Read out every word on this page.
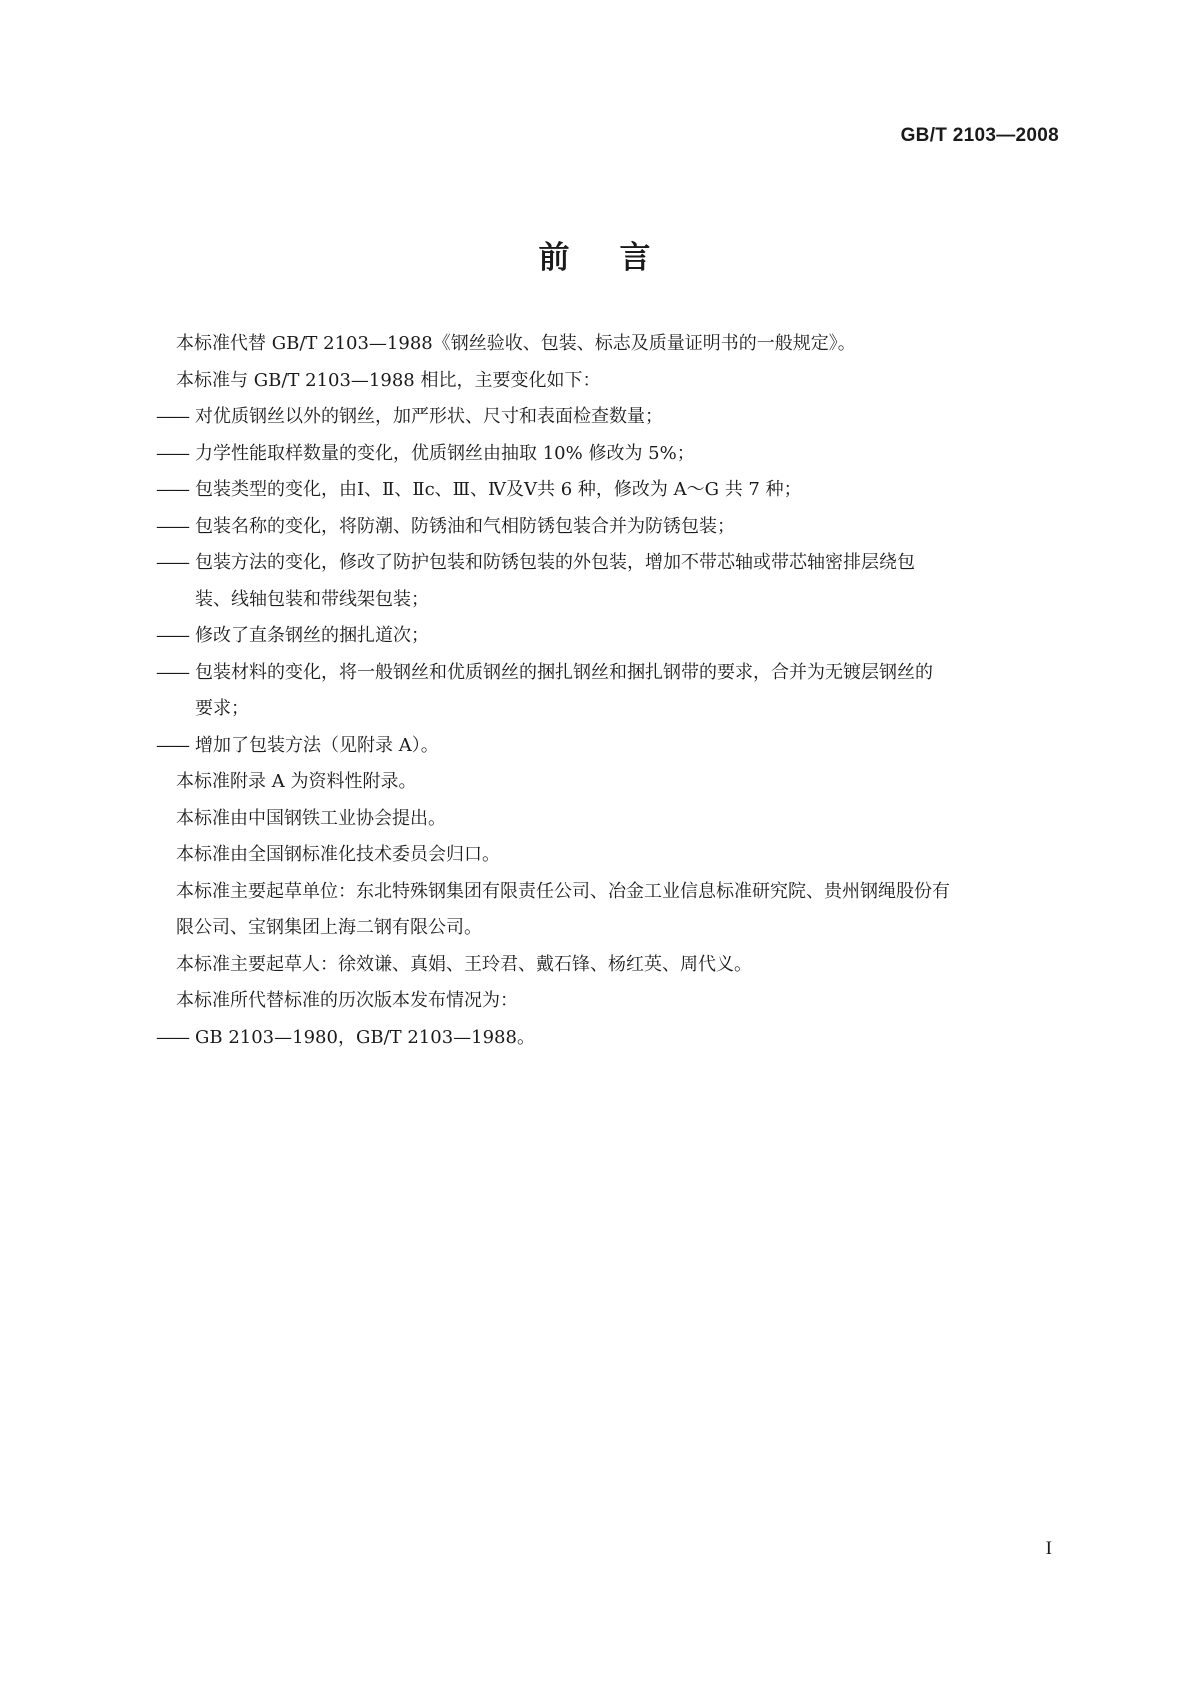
GB/T 2103—2008
前 言

本标准代替 GB/T 2103—1988《钢丝验收、包装、标志及质量证明书的一般规定》。

本标准与 GB/T 2103—1988 相比，主要变化如下：

—— 对优质钢丝以外的钢丝，加严形状、尺寸和表面检查数量；
—— 力学性能取样数量的变化，优质钢丝由抽取 10% 修改为 5%；
—— 包装类型的变化，由Ⅰ、Ⅱ、Ⅱc、Ⅲ、Ⅳ及Ⅴ共 6 种，修改为 A～G 共 7 种；
—— 包装名称的变化，将防潮、防锈油和气相防锈包装合并为防锈包装；
—— 包装方法的变化，修改了防护包装和防锈包装的外包装，增加不带芯轴或带芯轴密排层绕包
装、线轴包装和带线架包装；
—— 修改了直条钢丝的捆扎道次；
—— 包装材料的变化，将一般钢丝和优质钢丝的捆扎钢丝和捆扎钢带的要求，合并为无镀层钢丝的
要求；
—— 增加了包装方法（见附录 A）。

本标准附录 A 为资料性附录。

本标准由中国钢铁工业协会提出。

本标准由全国钢标准化技术委员会归口。

本标准主要起草单位：东北特殊钢集团有限责任公司、冶金工业信息标准研究院、贵州钢绳股份有

限公司、宝钢集团上海二钢有限公司。

本标准主要起草人：徐效谦、真娟、王玲君、戴石锋、杨红英、周代义。

本标准所代替标准的历次版本发布情况为：

—— GB 2103—1980，GB/T 2103—1988。
I
